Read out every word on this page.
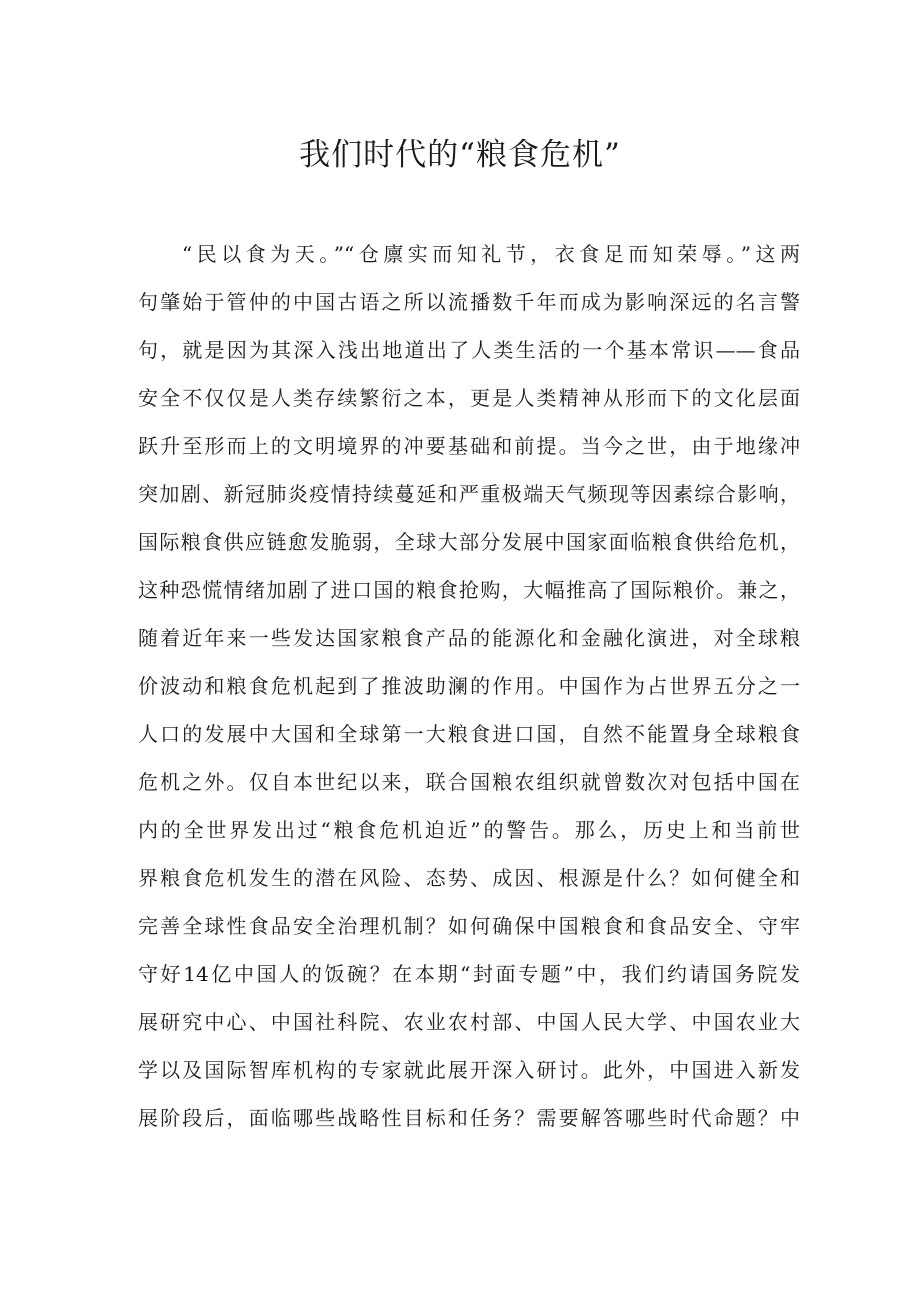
我们时代的“粮食危机”
“民以食为天。”“仓廪实而知礼节，衣食足而知荣辱。”这两
句肇始于管仲的中国古语之所以流播数千年而成为影响深远的名言警
句，就是因为其深入浅出地道出了人类生活的一个基本常识——食品
安全不仅仅是人类存续繁衍之本，更是人类精神从形而下的文化层面
跃升至形而上的文明境界的冲要基础和前提。当今之世，由于地缘冲
突加剧、新冠肺炎疫情持续蔓延和严重极端天气频现等因素综合影响，
国际粮食供应链愈发脆弱，全球大部分发展中国家面临粮食供给危机，
这种恐慌情绪加剧了进口国的粮食抢购，大幅推高了国际粮价。兼之，
随着近年来一些发达国家粮食产品的能源化和金融化演进，对全球粮
价波动和粮食危机起到了推波助澜的作用。中国作为占世界五分之一
人口的发展中大国和全球第一大粮食进口国，自然不能置身全球粮食
危机之外。仅自本世纪以来，联合国粮农组织就曾数次对包括中国在
内的全世界发出过“粮食危机迫近”的警告。那么，历史上和当前世
界粮食危机发生的潜在风险、态势、成因、根源是什么？如何健全和
完善全球性食品安全治理机制？如何确保中国粮食和食品安全、守牢
守好14亿中国人的饭碗？在本期“封面专题”中，我们约请国务院发
展研究中心、中国社科院、农业农村部、中国人民大学、中国农业大
学以及国际智库机构的专家就此展开深入研讨。此外，中国进入新发
展阶段后，面临哪些战略性目标和任务？需要解答哪些时代命题？中
